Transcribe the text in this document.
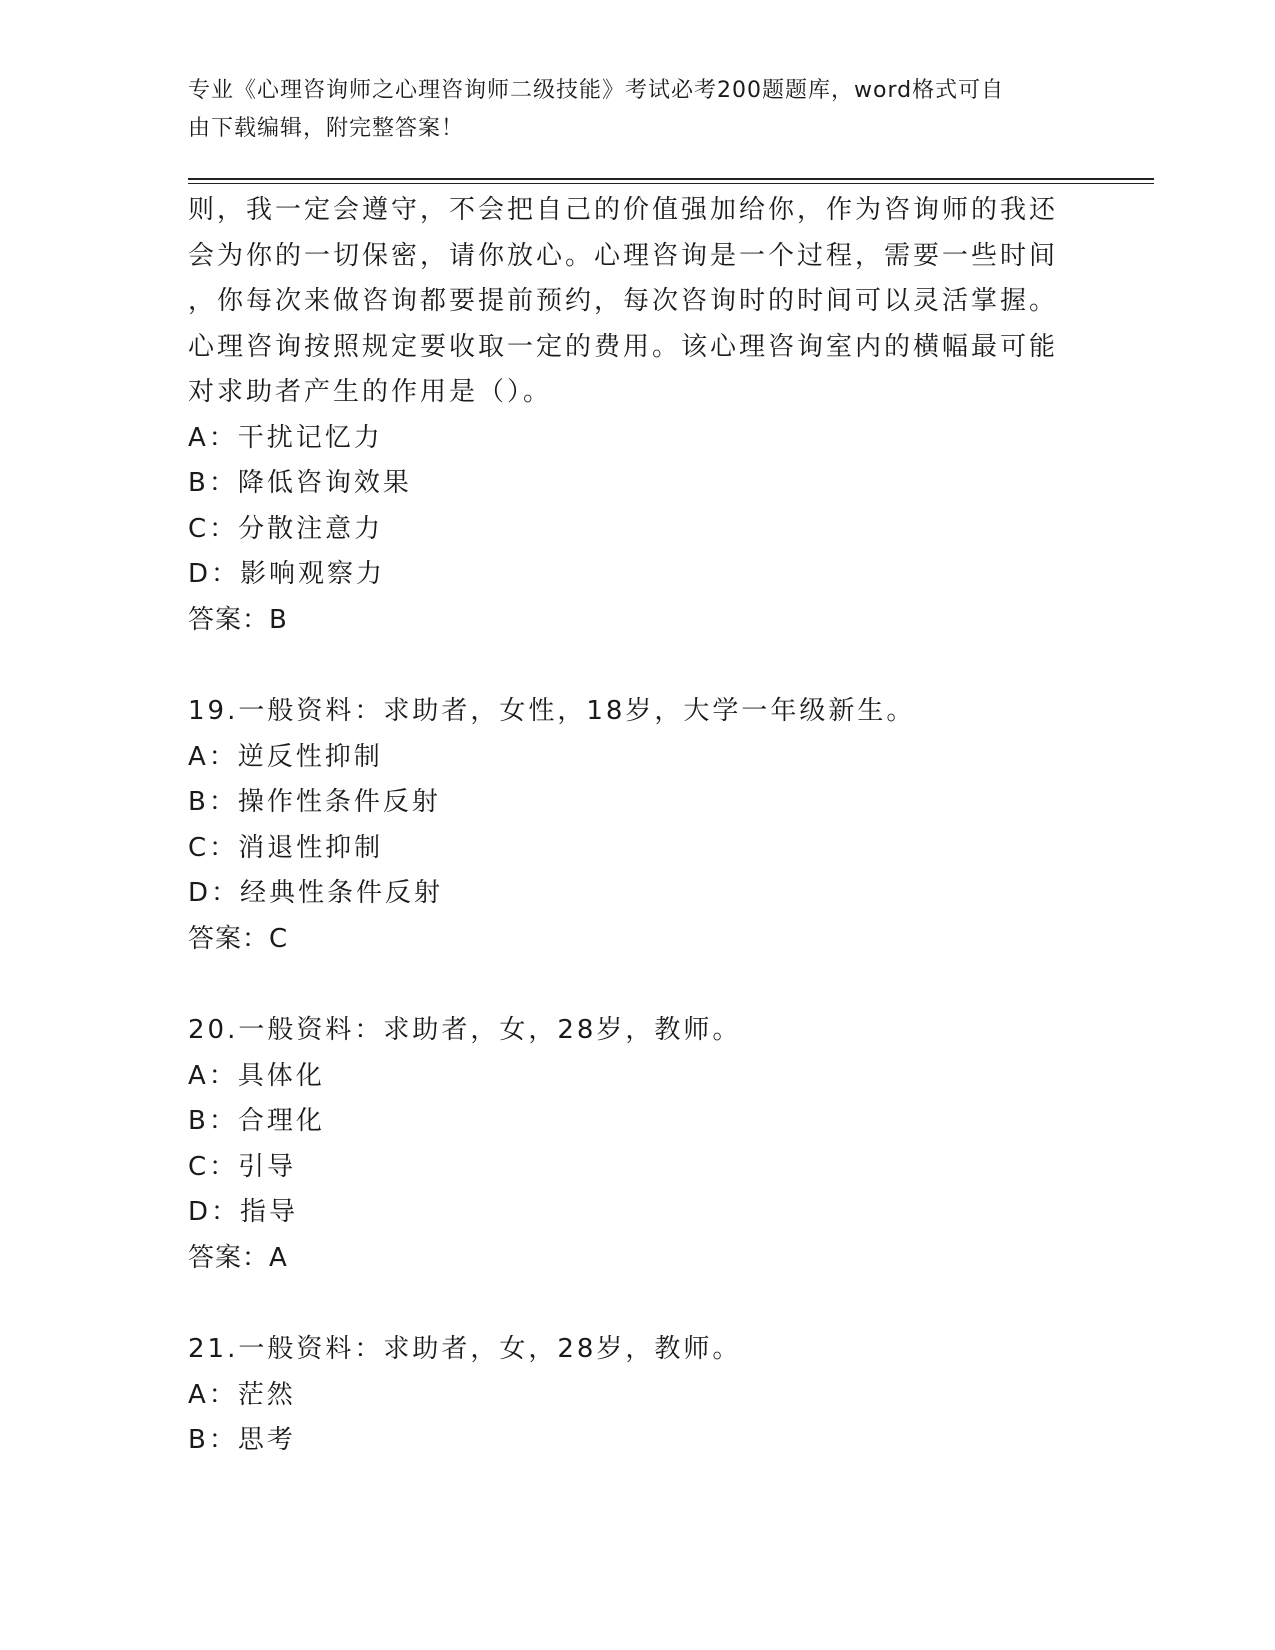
专业《心理咨询师之心理咨询师二级技能》考试必考200题题库，word格式可自
由下载编辑，附完整答案！
则，我一定会遵守，不会把自己的价值强加给你，作为咨询师的我还
会为你的一切保密，请你放心。心理咨询是一个过程，需要一些时间
，你每次来做咨询都要提前预约，每次咨询时的时间可以灵活掌握。
心理咨询按照规定要收取一定的费用。该心理咨询室内的横幅最可能
对求助者产生的作用是（）。
A：干扰记忆力
B：降低咨询效果
C：分散注意力
D：影响观察力
答案：B
19.一般资料：求助者，女性，18岁，大学一年级新生。
A：逆反性抑制
B：操作性条件反射
C：消退性抑制
D：经典性条件反射
答案：C
20.一般资料：求助者，女，28岁，教师。
A：具体化
B：合理化
C：引导
D：指导
答案：A
21.一般资料：求助者，女，28岁，教师。
A：茫然
B：思考
